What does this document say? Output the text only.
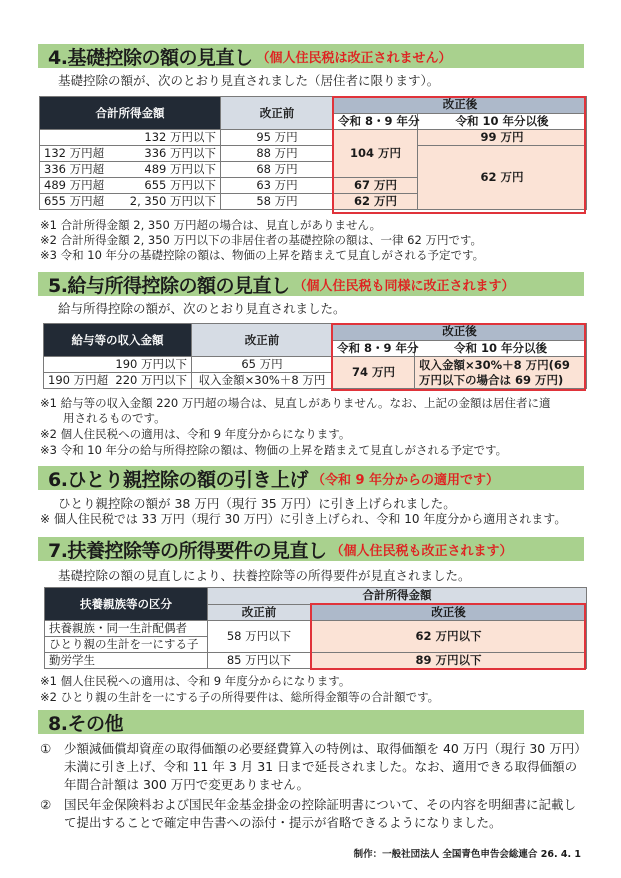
4.基礎控除の額の見直し （個人住民税は改正されません）
基礎控除の額が、次のとおり見直されました（居住者に限ります）。
合計所得金額		改正前	改正後	
			令和 8・9 年分	令和 10 年分以後
	132 万円以下	95 万円	104 万円	99 万円
132 万円超	336 万円以下	88 万円		62 万円
336 万円超	489 万円以下	68 万円		
489 万円超	655 万円以下	63 万円	67 万円	
655 万円超	2, 350 万円以下	58 万円	62 万円	
※1 合計所得金額 2, 350 万円超の場合は、見直しがありません。
※2 合計所得金額 2, 350 万円以下の非居住者の基礎控除の額は、一律 62 万円です。
※3 令和 10 年分の基礎控除の額は、物価の上昇を踏まえて見直しがされる予定です。
5.給与所得控除の額の見直し （個人住民税も同様に改正されます）
給与所得控除の額が、次のとおり見直されました。
給与等の収入金額		改正前	改正後	
			令和 8・9 年分	令和 10 年分以後
	190 万円以下	65 万円	74 万円	収入金額×30%＋8 万円(69 万円以下の場合は 69 万円)
190 万円超	220 万円以下	収入金額×30%＋8 万円		
※1 給与等の収入金額 220 万円超の場合は、見直しがありません。なお、上記の金額は居住者に適
用されるものです。
※2 個人住民税への適用は、令和 9 年度分からになります。
※3 令和 10 年分の給与所得控除の額は、物価の上昇を踏まえて見直しがされる予定です。
6.ひとり親控除の額の引き上げ （令和 9 年分からの適用です）
ひとり親控除の額が 38 万円（現行 35 万円）に引き上げられました。
※ 個人住民税では 33 万円（現行 30 万円）に引き上げられ、令和 10 年度分から適用されます。
7.扶養控除等の所得要件の見直し （個人住民税も改正されます）
基礎控除の額の見直しにより、扶養控除等の所得要件が見直されました。
扶養親族等の区分	合計所得金額	
	改正前	改正後
扶養親族・同一生計配偶者	58 万円以下	62 万円以下
ひとり親の生計を一にする子		
勤労学生	85 万円以下	89 万円以下
※1 個人住民税への適用は、令和 9 年度分からになります。
※2 ひとり親の生計を一にする子の所得要件は、総所得金額等の合計額です。
8.その他
① 少額減価償却資産の取得価額の必要経費算入の特例は、取得価額を 40 万円（現行 30 万円）未満に引き上げ、令和 11 年 3 月 31 日まで延長されました。なお、適用できる取得価額の年間合計額は 300 万円で変更ありません。
② 国民年金保険料および国民年金基金掛金の控除証明書について、その内容を明細書に記載して提出することで確定申告書への添付・提示が省略できるようになりました。
制作：一般社団法人 全国青色申告会総連合 26. 4. 1
